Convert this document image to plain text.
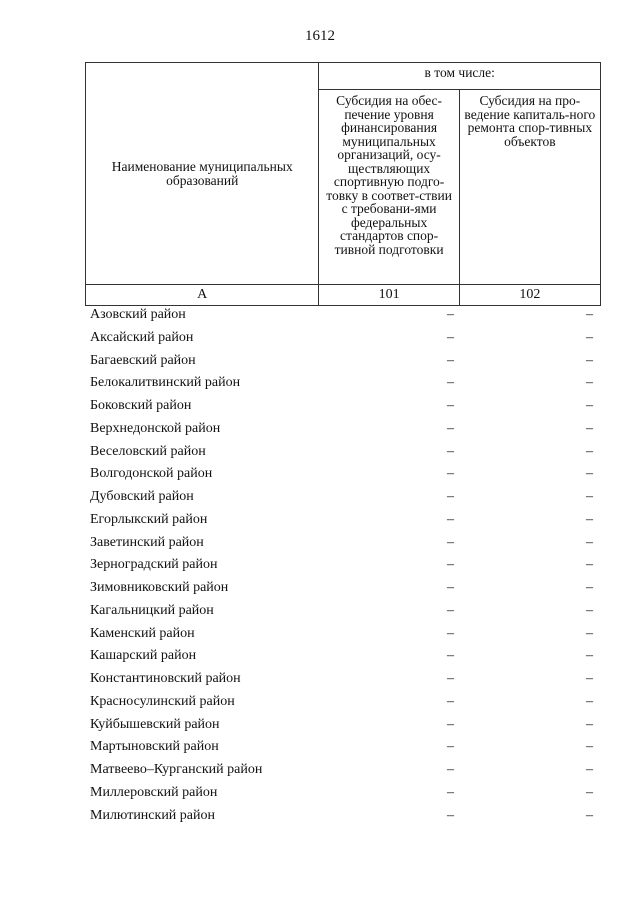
1612
Наименование муниципальных образований	в том числе:	
	Субсидия на обес-печение уровня финансирования муниципальных организаций, осу-ществляющих спортивную подго-товку в соответ-ствии с требовани-ями федеральных стандартов спор-тивной подготовки	Субсидия на про-ведение капиталь-ного ремонта спор-тивных объектов
А	101	102
Азовский район	–	–
Аксайский район	–	–
Багаевский район	–	–
Белокалитвинский район	–	–
Боковский район	–	–
Верхнедонской район	–	–
Веселовский район	–	–
Волгодонской район	–	–
Дубовский район	–	–
Егорлыкский район	–	–
Заветинский район	–	–
Зерноградский район	–	–
Зимовниковский район	–	–
Кагальницкий район	–	–
Каменский район	–	–
Кашарский район	–	–
Константиновский район	–	–
Красносулинский район	–	–
Куйбышевский район	–	–
Мартыновский район	–	–
Матвеево–Курганский район	–	–
Миллеровский район	–	–
Милютинский район	–	–
